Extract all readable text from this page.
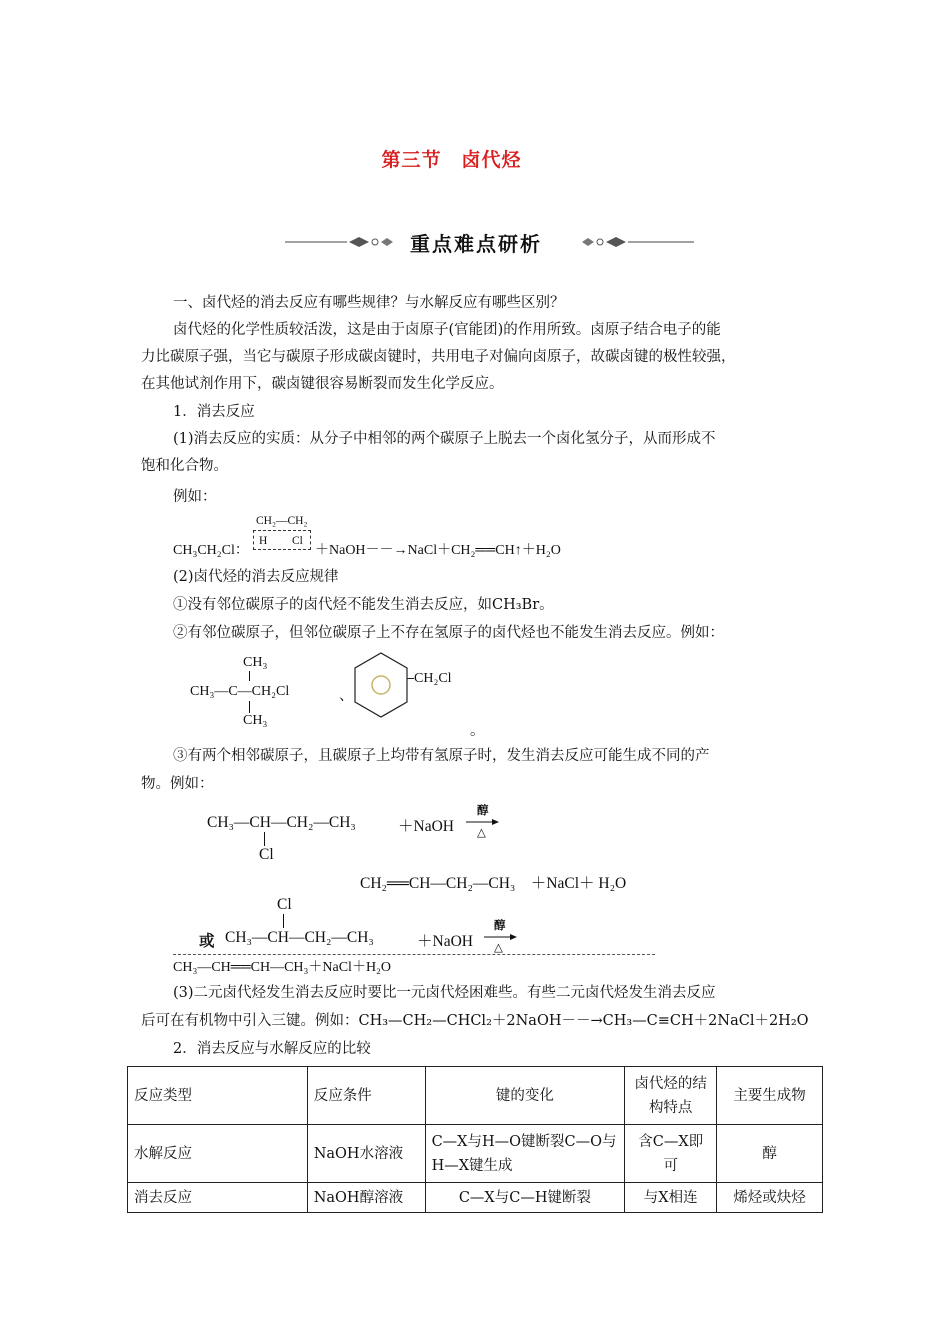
第三节　卤代烃
重点难点研析
一、卤代烃的消去反应有哪些规律？与水解反应有哪些区别？
卤代烃的化学性质较活泼，这是由于卤原子(官能团)的作用所致。卤原子结合电子的能
力比碳原子强，当它与碳原子形成碳卤键时，共用电子对偏向卤原子，故碳卤键的极性较强，
在其他试剂作用下，碳卤键很容易断裂而发生化学反应。
1．消去反应
(1)消去反应的实质：从分子中相邻的两个碳原子上脱去一个卤化氢分子，从而形成不
饱和化合物。
例如：
CH₂—CH₂
H Cl
CH₃CH₂Cl：	＋NaOH－－→NaCl＋CH₂══CH↑＋H₂O
(2)卤代烃的消去反应规律
①没有邻位碳原子的卤代烃不能发生消去反应，如CH₃Br。
②有邻位碳原子，但邻位碳原子上不存在氢原子的卤代烃也不能发生消去反应。例如：
CH₃
CH₃—C—CH₂Cl
CH₃
、
CH₂Cl
。
③有两个相邻碳原子，且碳原子上均带有氢原子时，发生消去反应可能生成不同的产
物。例如：
CH₃—CH—CH₂—CH₃
Cl
＋NaOH
醇
△
CH₂══CH—CH₂—CH₃　＋NaCl＋ H₂O
Cl
或 CH₃—CH—CH₂—CH₃	＋NaOH
醇
△
CH₃—CH══CH—CH₃＋NaCl＋H₂O
(3)二元卤代烃发生消去反应时要比一元卤代烃困难些。有些二元卤代烃发生消去反应
后可在有机物中引入三键。例如：CH₃—CH₂—CHCl₂＋2NaOH－－→CH₃—C≡CH＋2NaCl＋2H₂O
2．消去反应与水解反应的比较
反应类型	反应条件	键的变化	卤代烃的结构特点	主要生成物
水解反应	NaOH水溶液	C—X与H—O键断裂C—O与H—X键生成	含C—X即可	醇
消去反应	NaOH醇溶液	C—X与C—H键断裂	与X相连	烯烃或炔烃
